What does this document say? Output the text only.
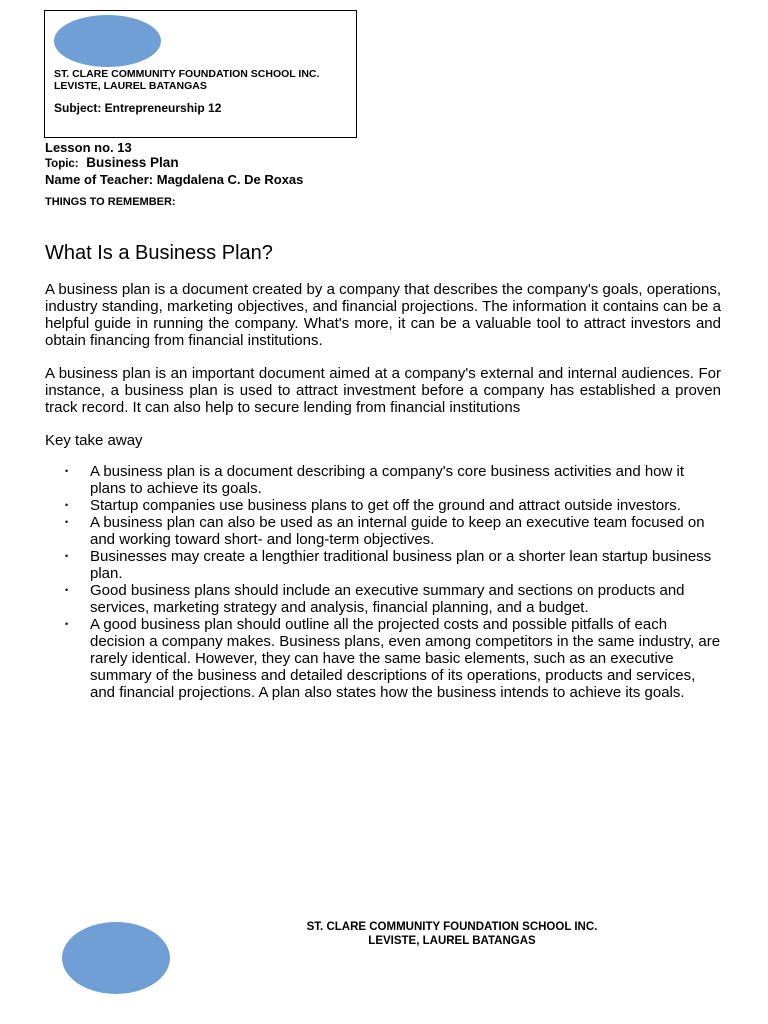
ST. CLARE COMMUNITY FOUNDATION SCHOOL INC.
LEVISTE, LAUREL BATANGAS
Subject: Entrepreneurship 12
Lesson no. 13
Topic: Business Plan
Name of Teacher: Magdalena C. De Roxas
THINGS TO REMEMBER:
What Is a Business Plan?

A business plan is a document created by a company that describes the company's goals, operations, industry standing, marketing objectives, and financial projections. The information it contains can be a helpful guide in running the company. What's more, it can be a valuable tool to attract investors and obtain financing from financial institutions.

A business plan is an important document aimed at a company's external and internal audiences. For instance, a business plan is used to attract investment before a company has established a proven track record. It can also help to secure lending from financial institutions

Key take away

• A business plan is a document describing a company's core business activities and how it plans to achieve its goals.
• Startup companies use business plans to get off the ground and attract outside investors.
• A business plan can also be used as an internal guide to keep an executive team focused on and working toward short- and long-term objectives.
• Businesses may create a lengthier traditional business plan or a shorter lean startup business plan.
• Good business plans should include an executive summary and sections on products and services, marketing strategy and analysis, financial planning, and a budget.
• A good business plan should outline all the projected costs and possible pitfalls of each decision a company makes. Business plans, even among competitors in the same industry, are rarely identical. However, they can have the same basic elements, such as an executive summary of the business and detailed descriptions of its operations, products and services, and financial projections. A plan also states how the business intends to achieve its goals.
ST. CLARE COMMUNITY FOUNDATION SCHOOL INC.
LEVISTE, LAUREL BATANGAS
